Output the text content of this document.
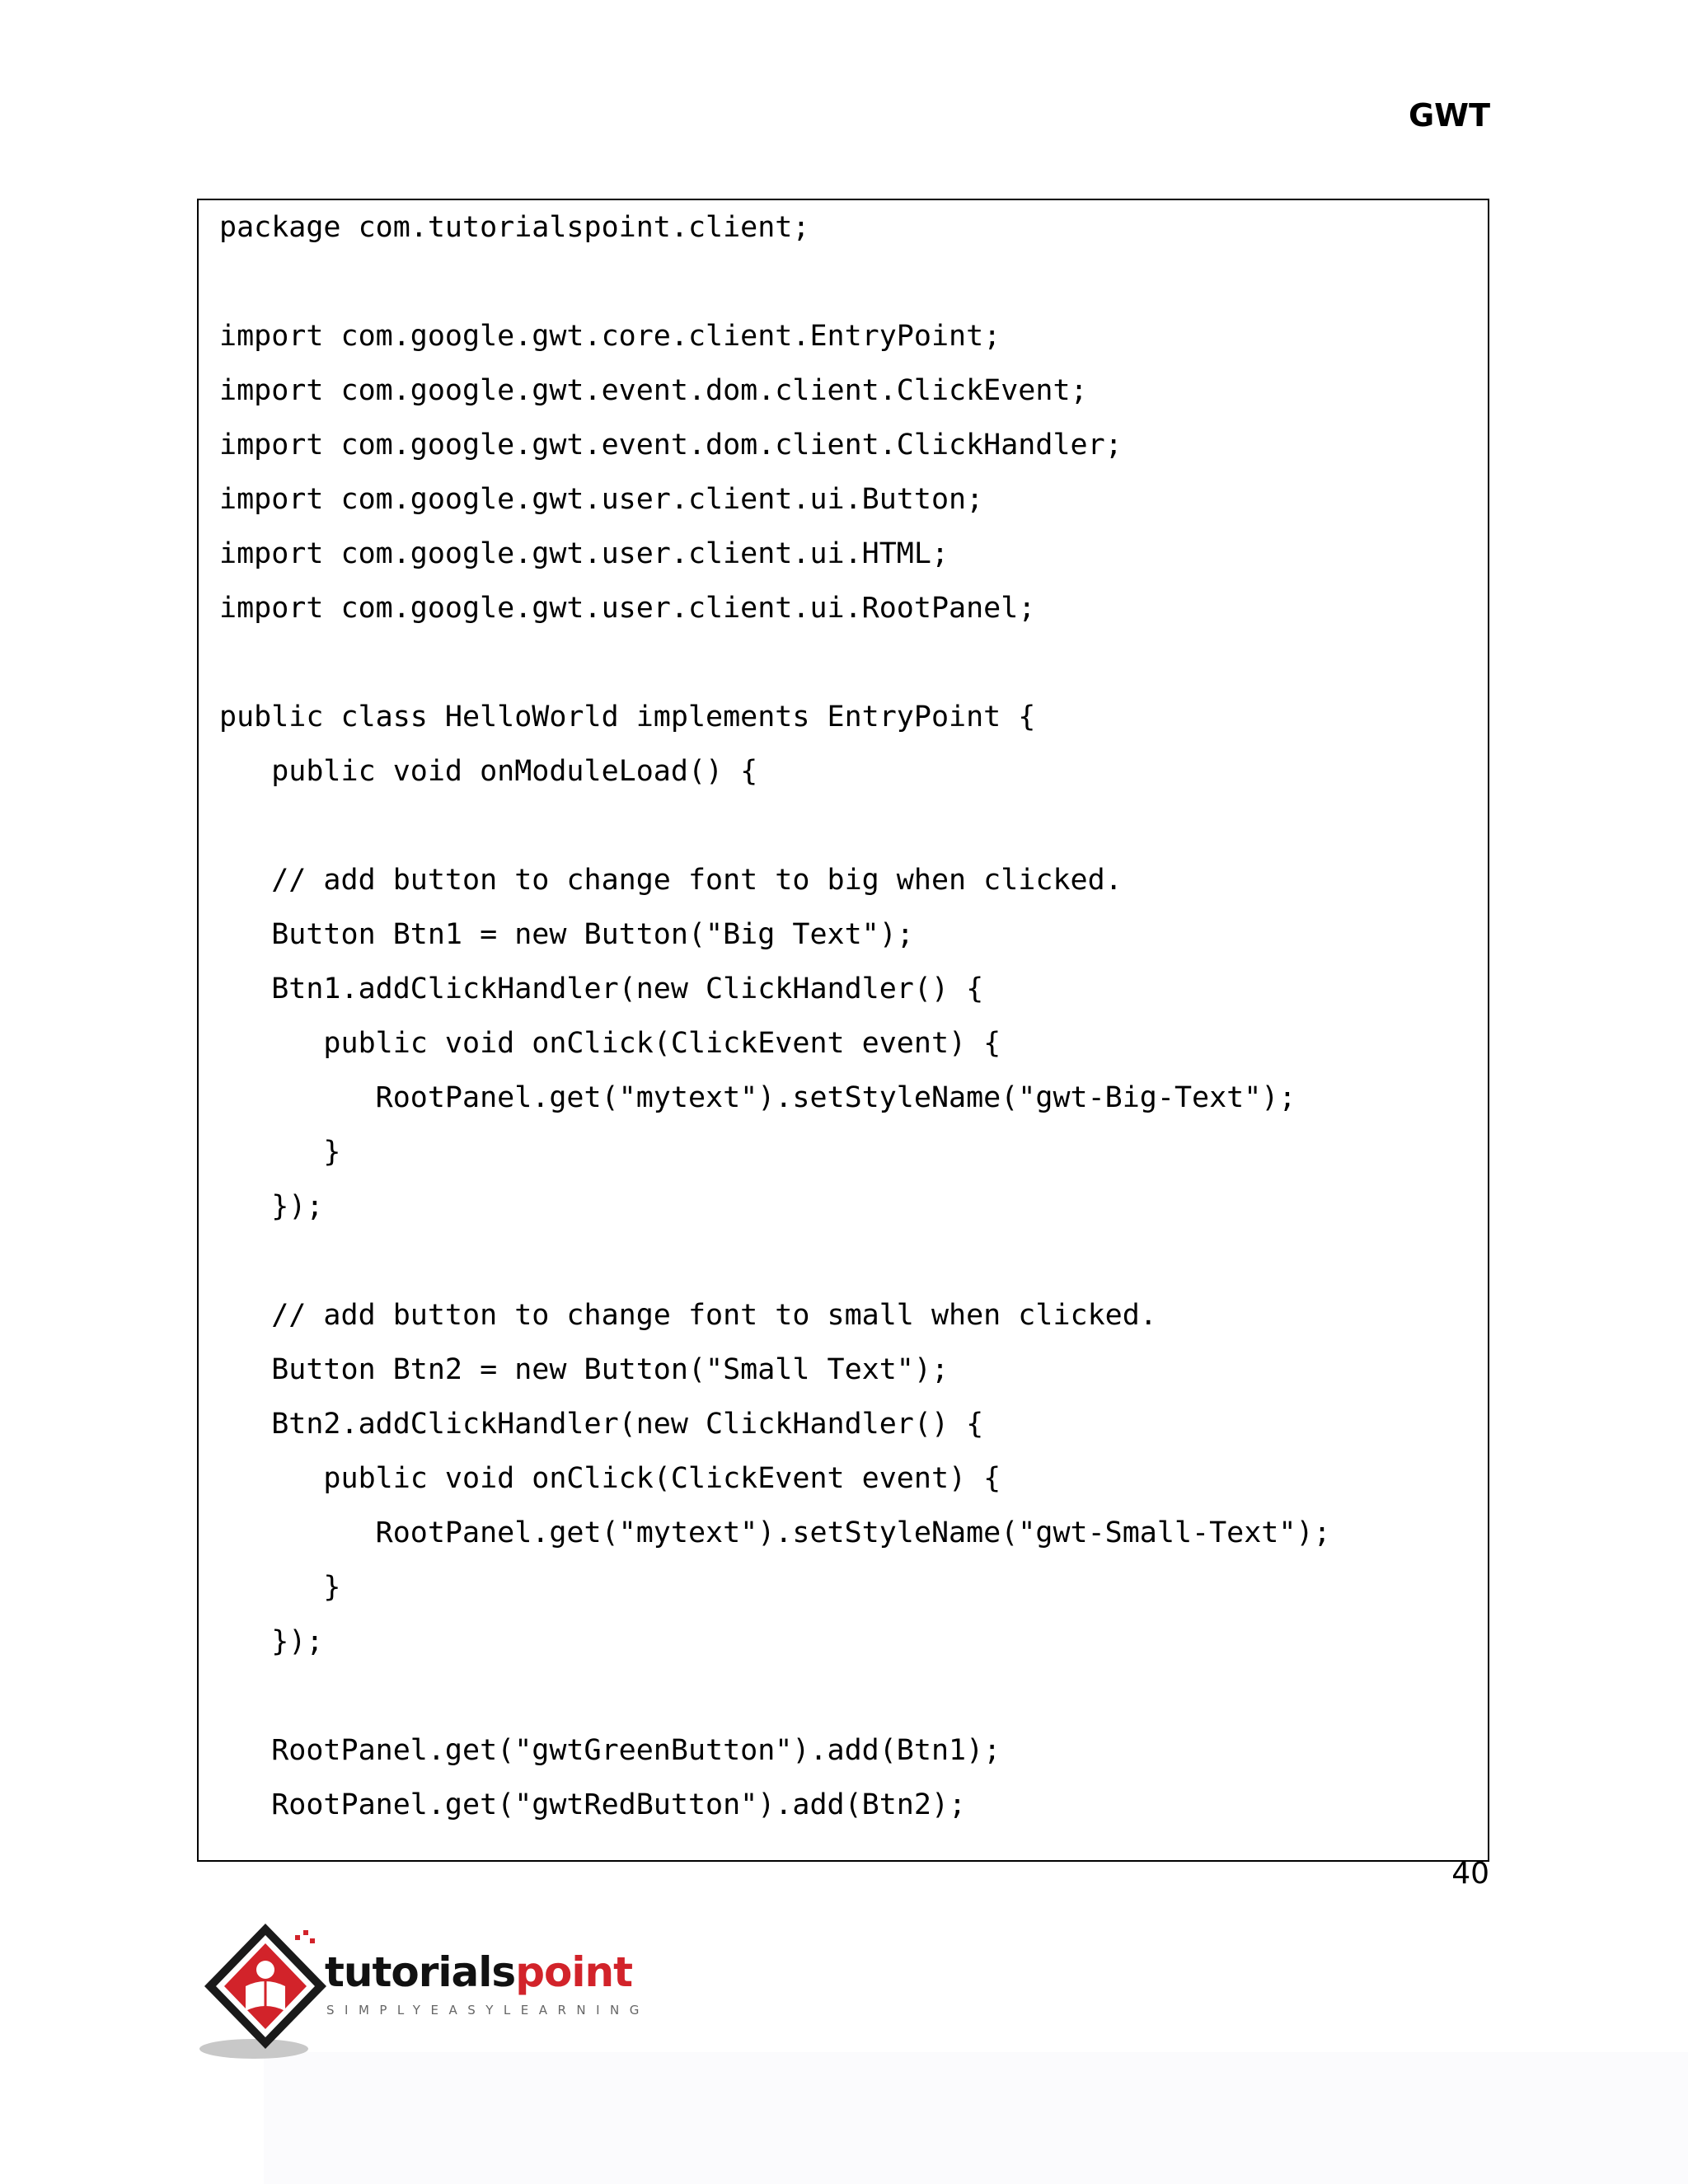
GWT
package com.tutorialspoint.client;
import com.google.gwt.core.client.EntryPoint;
import com.google.gwt.event.dom.client.ClickEvent;
import com.google.gwt.event.dom.client.ClickHandler;
import com.google.gwt.user.client.ui.Button;
import com.google.gwt.user.client.ui.HTML;
import com.google.gwt.user.client.ui.RootPanel;
public class HelloWorld implements EntryPoint {
public void onModuleLoad() {
// add button to change font to big when clicked.
Button Btn1 = new Button("Big Text");
Btn1.addClickHandler(new ClickHandler() {
public void onClick(ClickEvent event) {
RootPanel.get("mytext").setStyleName("gwt-Big-Text");
}
});
// add button to change font to small when clicked.
Button Btn2 = new Button("Small Text");
Btn2.addClickHandler(new ClickHandler() {
public void onClick(ClickEvent event) {
RootPanel.get("mytext").setStyleName("gwt-Small-Text");
}
});
RootPanel.get("gwtGreenButton").add(Btn1);
RootPanel.get("gwtRedButton").add(Btn2);
40
tutorialspoint
SIMPLYEASYLEARNING
